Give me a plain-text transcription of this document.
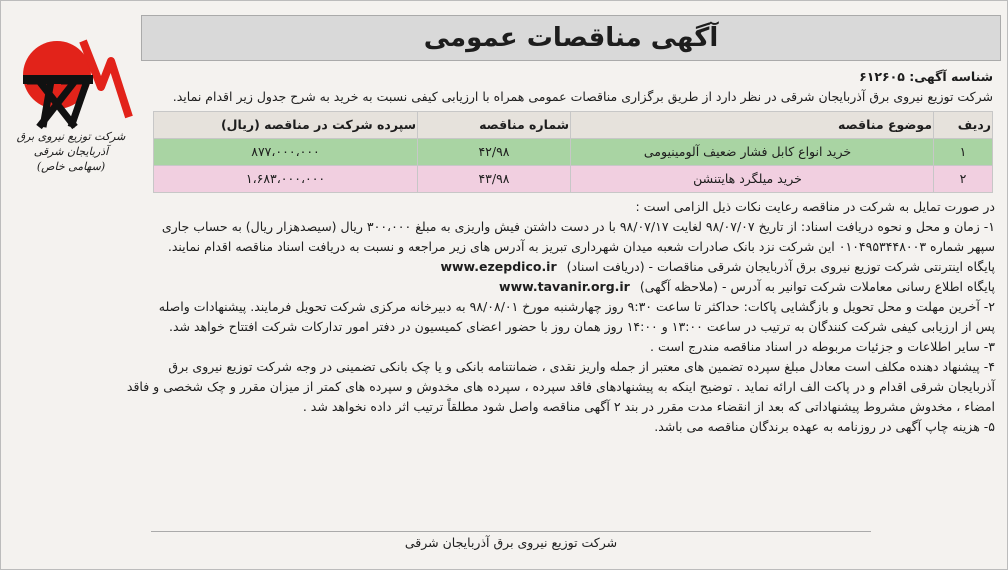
آگهی مناقصات عمومی
شرکت توزیع نیروی برق آذربایجان شرقی
(سهامی خاص)
شناسه آگهی: ۶۱۲۶۰۵
شرکت توزیع نیروی برق آذربایجان شرقی در نظر دارد از طریق برگزاری مناقصات عمومی همراه با ارزیابی کیفی نسبت به خرید به شرح جدول زیر اقدام نماید.
ردیف	موضوع مناقصه	شماره مناقصه	سپرده شرکت در مناقصه (ریال)
۱	خرید انواع کابل فشار ضعیف آلومینیومی	۴۲/۹۸	۸۷۷،۰۰۰،۰۰۰
۲	خرید میلگرد هایتنشن	۴۳/۹۸	۱،۶۸۳،۰۰۰،۰۰۰
در صورت تمایل به شرکت در مناقصه رعایت نکات ذیل الزامی است :
۱- زمان و محل و نحوه دریافت اسناد: از تاریخ ۹۸/۰۷/۰۷ لغایت ۹۸/۰۷/۱۷ با در دست داشتن فیش واریزی به مبلغ ۳۰۰،۰۰۰ ریال (سیصدهزار ریال) به حساب جاری
سپهر شماره ۰۱۰۴۹۵۳۴۴۸۰۰۳ این شرکت نزد بانک صادرات شعبه میدان شهرداری تبریز به آدرس های زیر مراجعه و نسبت به دریافت اسناد مناقصه اقدام نمایند.
پایگاه اینترنتی شرکت توزیع نیروی برق آذربایجان شرقی مناقصات - (دریافت اسناد) www.ezepdico.ir
پایگاه اطلاع رسانی معاملات شرکت توانیر به آدرس - (ملاحظه آگهی) www.tavanir.org.ir
۲- آخرین مهلت و محل تحویل و بازگشایی پاکات: حداکثر تا ساعت ۹:۳۰ روز چهارشنبه مورخ ۹۸/۰۸/۰۱ به دبیرخانه مرکزی شرکت تحویل فرمایند. پیشنهادات واصله
پس از ارزیابی کیفی شرکت کنندگان به ترتیب در ساعت ۱۳:۰۰ و ۱۴:۰۰ روز همان روز با حضور اعضای کمیسیون در دفتر امور تدارکات شرکت افتتاح خواهد شد.
۳- سایر اطلاعات و جزئیات مربوطه در اسناد مناقصه مندرج است .
۴- پیشنهاد دهنده مکلف است معادل مبلغ سپرده تضمین های معتبر از جمله واریز نقدی ، ضمانتنامه بانکی و یا چک بانکی تضمینی در وجه شرکت توزیع نیروی برق
آذربایجان شرقی اقدام و در پاکت الف ارائه نماید . توضیح اینکه به پیشنهادهای فاقد سپرده ، سپرده های مخدوش و سپرده های کمتر از میزان مقرر و چک شخصی و فاقد
امضاء ، مخدوش مشروط پیشنهاداتی که بعد از انقضاء مدت مقرر در بند ۲ آگهی مناقصه واصل شود مطلقاً ترتیب اثر داده نخواهد شد .
۵- هزینه چاپ آگهی در روزنامه به عهده برندگان مناقصه می باشد.
شرکت توزیع نیروی برق آذربایجان شرقی
